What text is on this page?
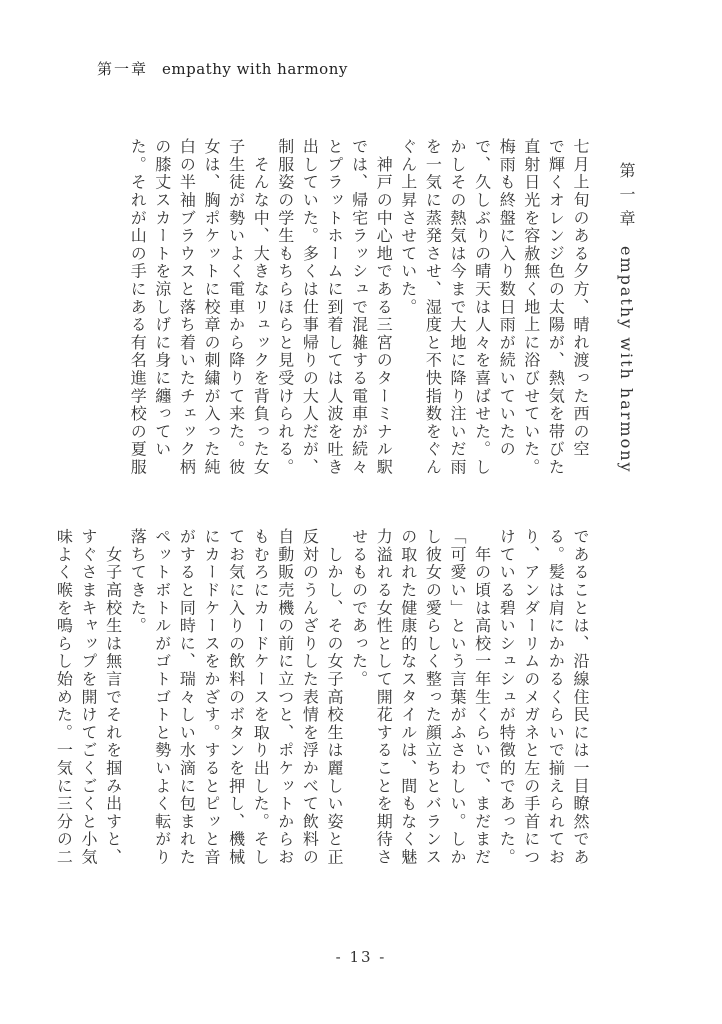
第一章 empathy with harmony
第一章empathy with harmony
七月上旬のある夕方、晴れ渡った西の空
で輝くオレンジ色の太陽が、熱気を帯びた
直射日光を容赦無く地上に浴びせていた。
梅雨も終盤に入り数日雨が続いていたの
で、久しぶりの晴天は人々を喜ばせた。し
かしその熱気は今まで大地に降り注いだ雨
を一気に蒸発させ、湿度と不快指数をぐん
ぐん上昇させていた。
　神戸の中心地である三宮のターミナル駅
では、帰宅ラッシュで混雑する電車が続々
とプラットホームに到着しては人波を吐き
出していた。多くは仕事帰りの大人だが、
制服姿の学生もちらほらと見受けられる。
　そんな中、大きなリュックを背負った女
子生徒が勢いよく電車から降りて来た。彼
女は、胸ポケットに校章の刺繍が入った純
白の半袖ブラウスと落ち着いたチェック柄
の膝丈スカートを涼しげに身に纏ってい
た。それが山の手にある有名進学校の夏服
であることは、沿線住民には一目瞭然であ
る。髪は肩にかかるくらいで揃えられてお
り、アンダーリムのメガネと左の手首につ
けている碧いシュシュが特徴的であった。
　年の頃は高校一年生くらいで、まだまだ
「可愛い」という言葉がふさわしい。しか
し彼女の愛らしく整った顔立ちとバランス
の取れた健康的なスタイルは、間もなく魅
力溢れる女性として開花することを期待さ
せるものであった。
　しかし、その女子高校生は麗しい姿と正
反対のうんざりした表情を浮かべて飲料の
自動販売機の前に立つと、ポケットからお
もむろにカードケースを取り出した。そし
てお気に入りの飲料のボタンを押し、機械
にカードケースをかざす。するとピッと音
がすると同時に、瑞々しい水滴に包まれた
ペットボトルがゴトゴトと勢いよく転がり
落ちてきた。
　女子高校生は無言でそれを掴み出すと、
すぐさまキャップを開けてごくごくと小気
味よく喉を鳴らし始めた。一気に三分の二
- 13 -
